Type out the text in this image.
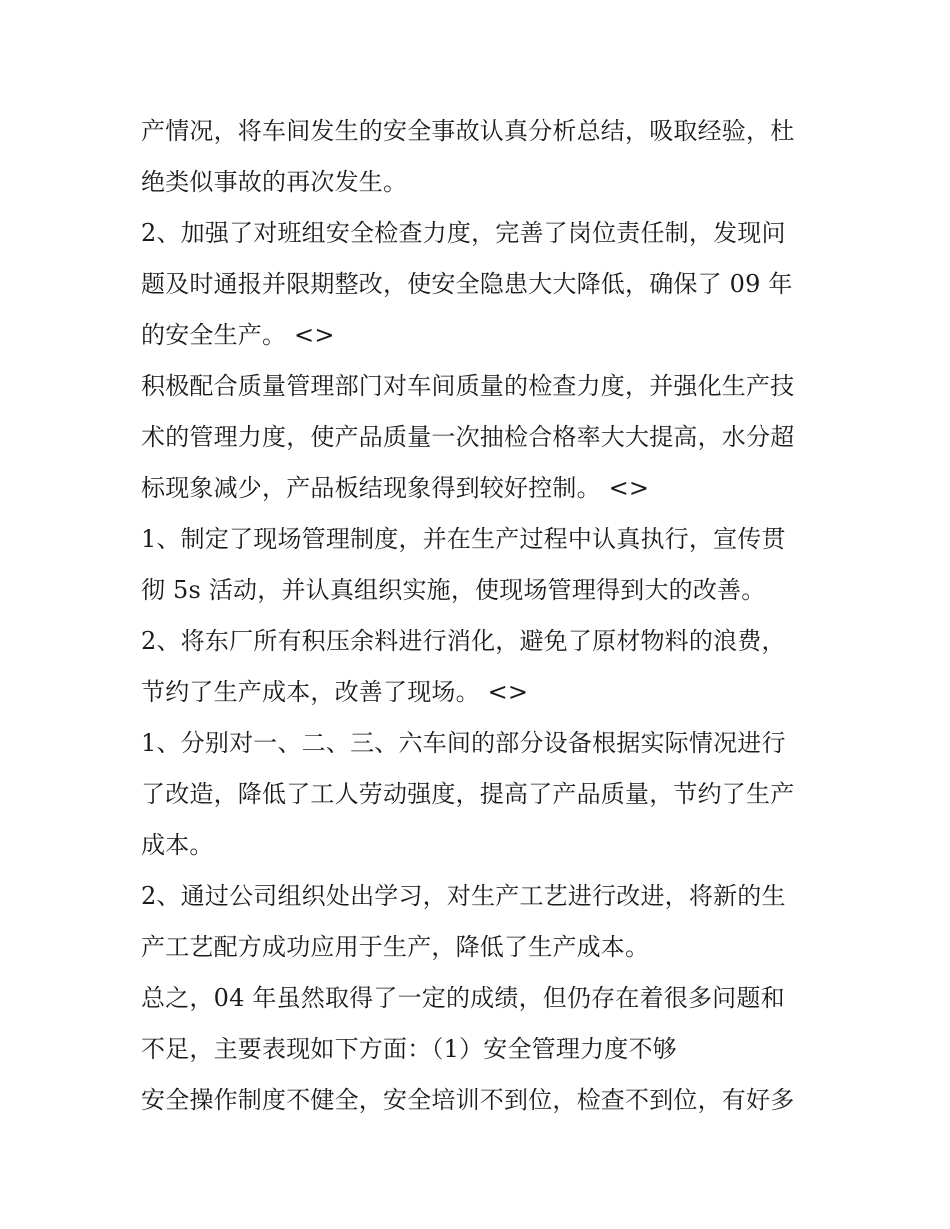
产情况，将车间发生的安全事故认真分析总结，吸取经验，杜
绝类似事故的再次发生。
2、加强了对班组安全检查力度，完善了岗位责任制，发现问
题及时通报并限期整改，使安全隐患大大降低，确保了 09 年
的安全生产。 <>
积极配合质量管理部门对车间质量的检查力度，并强化生产技
术的管理力度，使产品质量一次抽检合格率大大提高，水分超
标现象减少，产品板结现象得到较好控制。 <>
1、制定了现场管理制度，并在生产过程中认真执行，宣传贯
彻 5s 活动，并认真组织实施，使现场管理得到大的改善。
2、将东厂所有积压余料进行消化，避免了原材物料的浪费，
节约了生产成本，改善了现场。 <>
1、分别对一、二、三、六车间的部分设备根据实际情况进行
了改造，降低了工人劳动强度，提高了产品质量，节约了生产
成本。
2、通过公司组织处出学习，对生产工艺进行改进，将新的生
产工艺配方成功应用于生产，降低了生产成本。
总之，04 年虽然取得了一定的成绩，但仍存在着很多问题和
不足，主要表现如下方面：（1）安全管理力度不够
安全操作制度不健全，安全培训不到位，检查不到位，有好多
